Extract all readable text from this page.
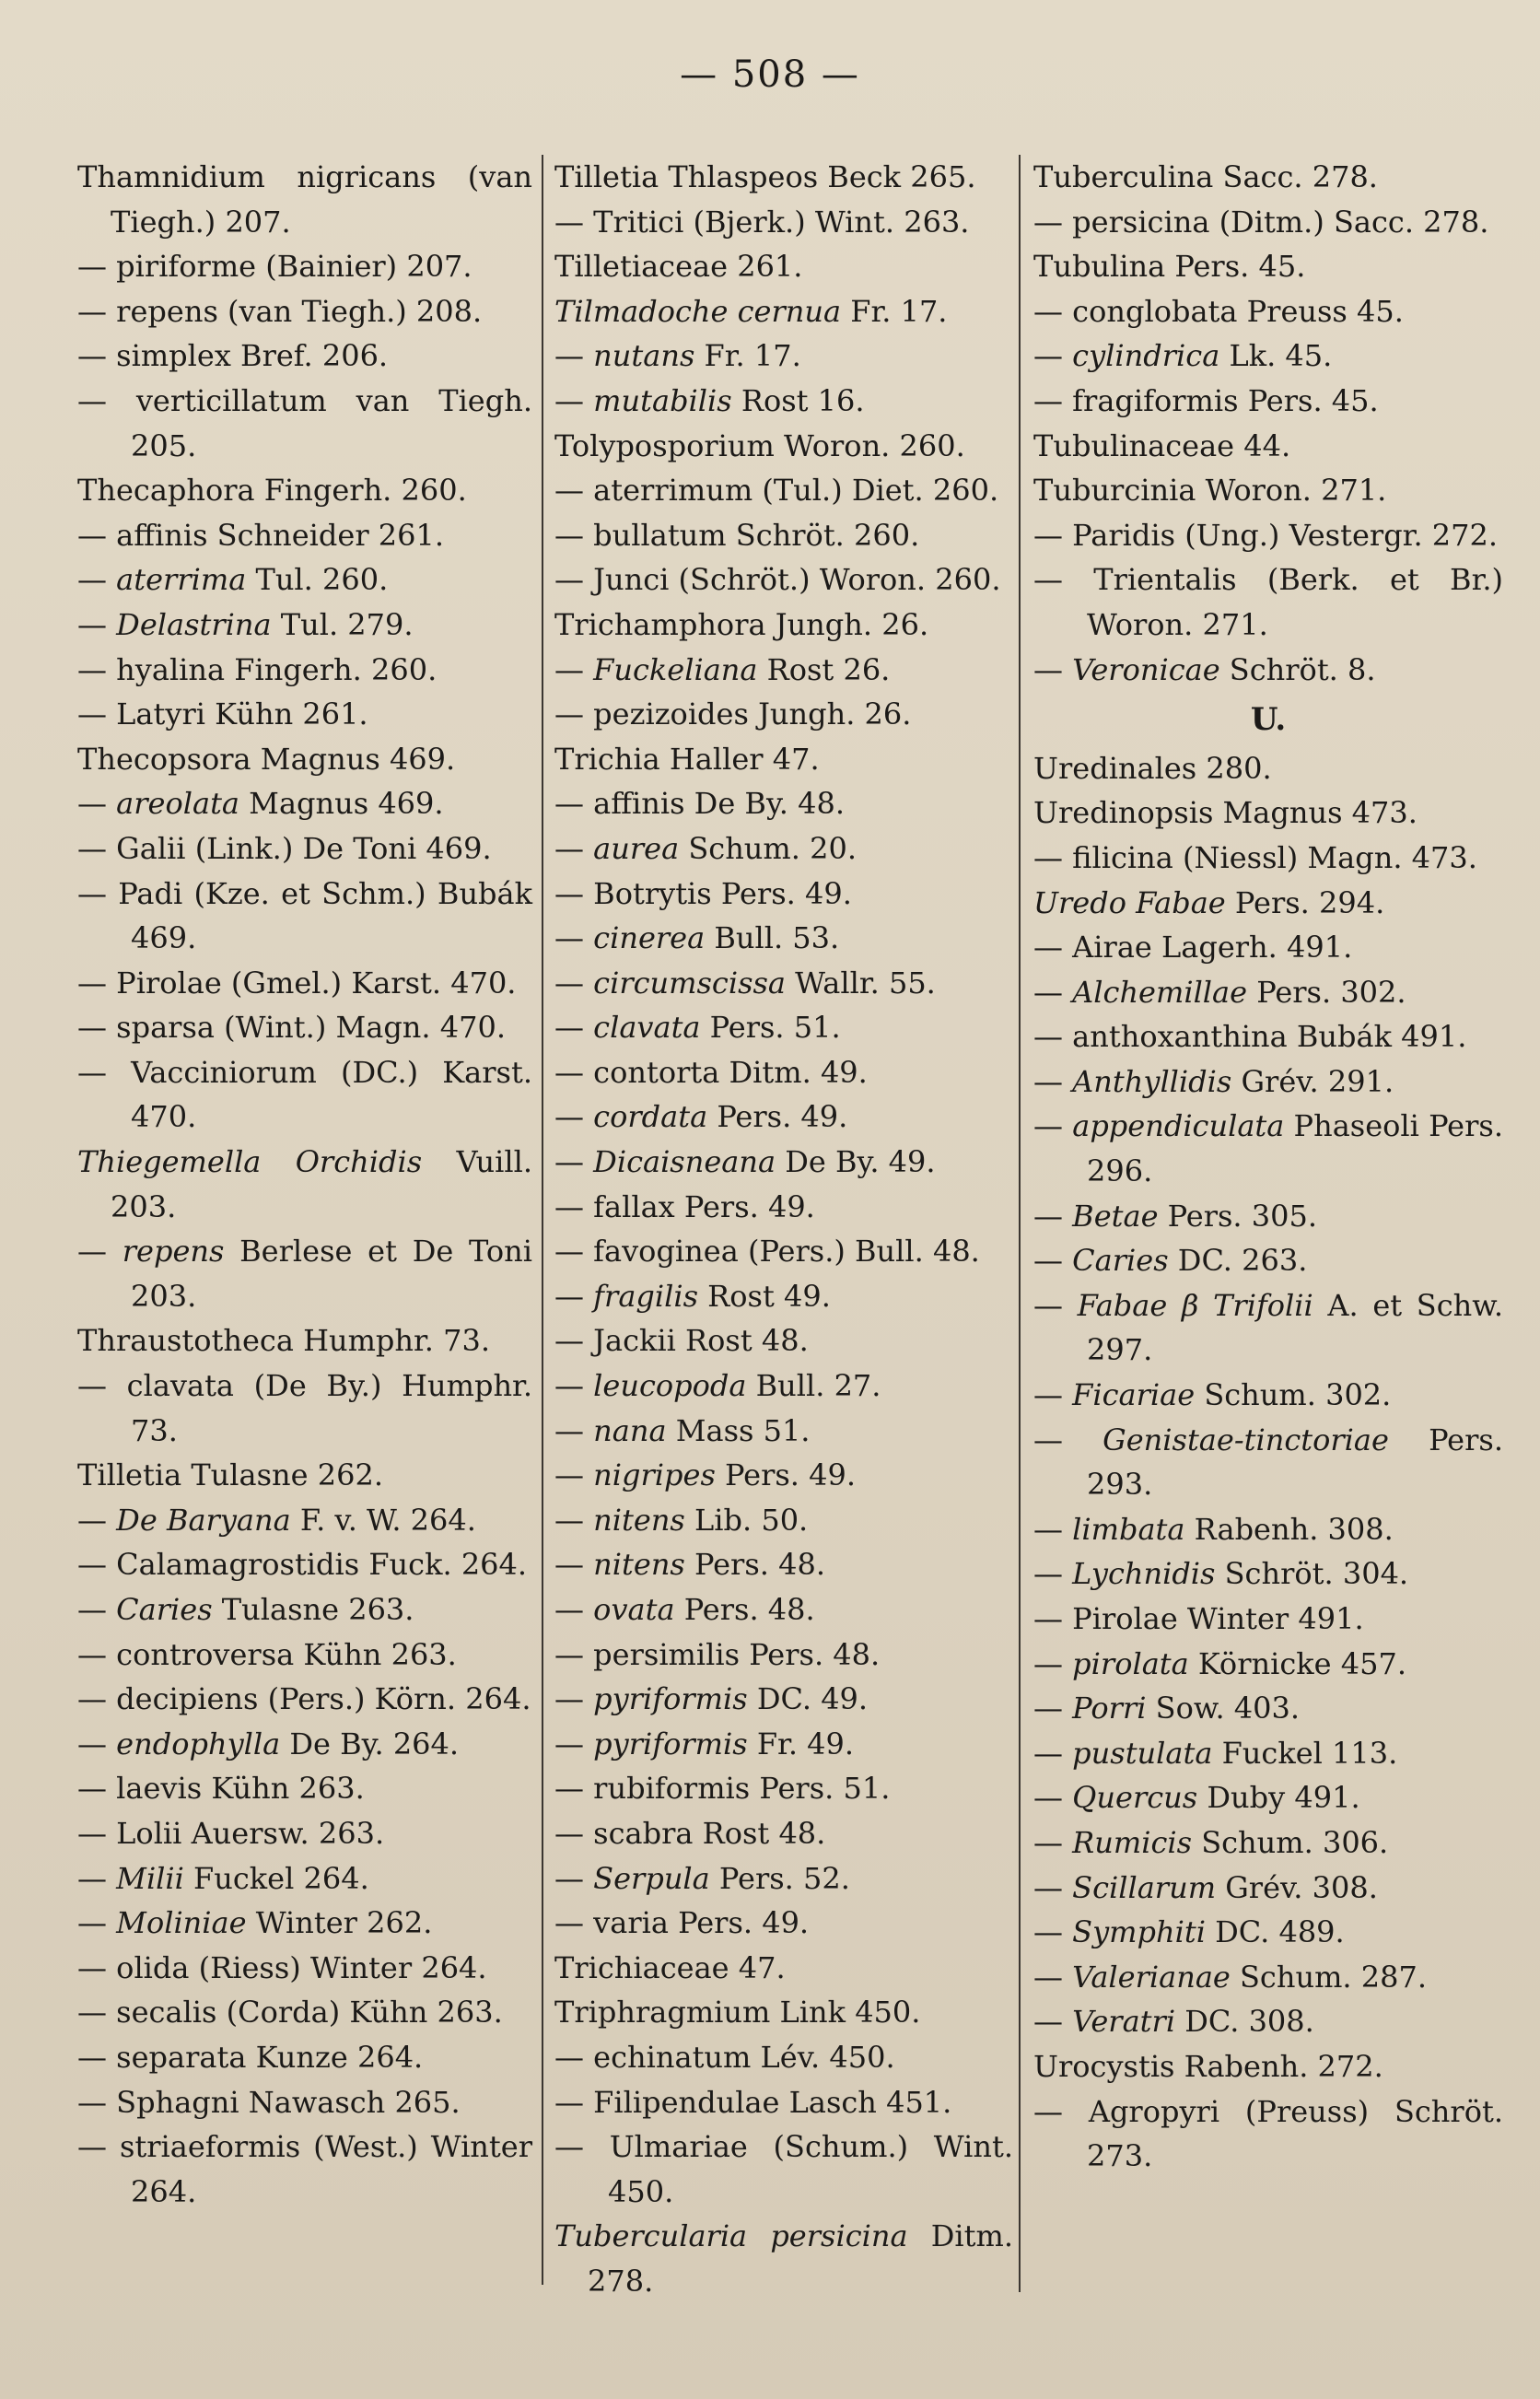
— 508 —
Thamnidium nigricans (van Tiegh.) 207.
— piriforme (Bainier) 207.
— repens (van Tiegh.) 208.
— simplex Bref. 206.
— verticillatum van Tiegh. 205.
Thecaphora Fingerh. 260.
— affinis Schneider 261.
— aterrima Tul. 260.
— Delastrina Tul. 279.
— hyalina Fingerh. 260.
— Latyri Kühn 261.
Thecopsora Magnus 469.
— areolata Magnus 469.
— Galii (Link.) De Toni 469.
— Padi (Kze. et Schm.) Bubák 469.
— Pirolae (Gmel.) Karst. 470.
— sparsa (Wint.) Magn. 470.
— Vacciniorum (DC.) Karst. 470.
Thiegemella Orchidis Vuill. 203.
— repens Berlese et De Toni 203.
Thraustotheca Humphr. 73.
— clavata (De By.) Humphr. 73.
Tilletia Tulasne 262.
— De Baryana F. v. W. 264.
— Calamagrostidis Fuck. 264.
— Caries Tulasne 263.
— controversa Kühn 263.
— decipiens (Pers.) Körn. 264.
— endophylla De By. 264.
— laevis Kühn 263.
— Lolii Auersw. 263.
— Milii Fuckel 264.
— Moliniae Winter 262.
— olida (Riess) Winter 264.
— secalis (Corda) Kühn 263.
— separata Kunze 264.
— Sphagni Nawasch 265.
— striaeformis (West.) Winter 264.
Tilletia Thlaspeos Beck 265.
— Tritici (Bjerk.) Wint. 263.
Tilletiaceae 261.
Tilmadoche cernua Fr. 17.
— nutans Fr. 17.
— mutabilis Rost 16.
Tolyposporium Woron. 260.
— aterrimum (Tul.) Diet. 260.
— bullatum Schröt. 260.
— Junci (Schröt.) Woron. 260.
Trichamphora Jungh. 26.
— Fuckeliana Rost 26.
— pezizoides Jungh. 26.
Trichia Haller 47.
— affinis De By. 48.
— aurea Schum. 20.
— Botrytis Pers. 49.
— cinerea Bull. 53.
— circumscissa Wallr. 55.
— clavata Pers. 51.
— contorta Ditm. 49.
— cordata Pers. 49.
— Dicaisneana De By. 49.
— fallax Pers. 49.
— favoginea (Pers.) Bull. 48.
— fragilis Rost 49.
— Jackii Rost 48.
— leucopoda Bull. 27.
— nana Mass 51.
— nigripes Pers. 49.
— nitens Lib. 50.
— nitens Pers. 48.
— ovata Pers. 48.
— persimilis Pers. 48.
— pyriformis DC. 49.
— pyriformis Fr. 49.
— rubiformis Pers. 51.
— scabra Rost 48.
— Serpula Pers. 52.
— varia Pers. 49.
Trichiaceae 47.
Triphragmium Link 450.
— echinatum Lév. 450.
— Filipendulae Lasch 451.
— Ulmariae (Schum.) Wint. 450.
Tubercularia persicina Ditm. 278.
Tuberculina Sacc. 278.
— persicina (Ditm.) Sacc. 278.
Tubulina Pers. 45.
— conglobata Preuss 45.
— cylindrica Lk. 45.
— fragiformis Pers. 45.
Tubulinaceae 44.
Tuburcinia Woron. 271.
— Paridis (Ung.) Vestergr. 272.
— Trientalis (Berk. et Br.) Woron. 271.
— Veronicae Schröt. 8.
U.
Uredinales 280.
Uredinopsis Magnus 473.
— filicina (Niessl) Magn. 473.
Uredo Fabae Pers. 294.
— Airae Lagerh. 491.
— Alchemillae Pers. 302.
— anthoxanthina Bubák 491.
— Anthyllidis Grév. 291.
— appendiculata Phaseoli Pers. 296.
— Betae Pers. 305.
— Caries DC. 263.
— Fabae β Trifolii A. et Schw. 297.
— Ficariae Schum. 302.
— Genistae-tinctoriae Pers. 293.
— limbata Rabenh. 308.
— Lychnidis Schröt. 304.
— Pirolae Winter 491.
— pirolata Körnicke 457.
— Porri Sow. 403.
— pustulata Fuckel 113.
— Quercus Duby 491.
— Rumicis Schum. 306.
— Scillarum Grév. 308.
— Symphiti DC. 489.
— Valerianae Schum. 287.
— Veratri DC. 308.
Urocystis Rabenh. 272.
— Agropyri (Preuss) Schröt. 273.
